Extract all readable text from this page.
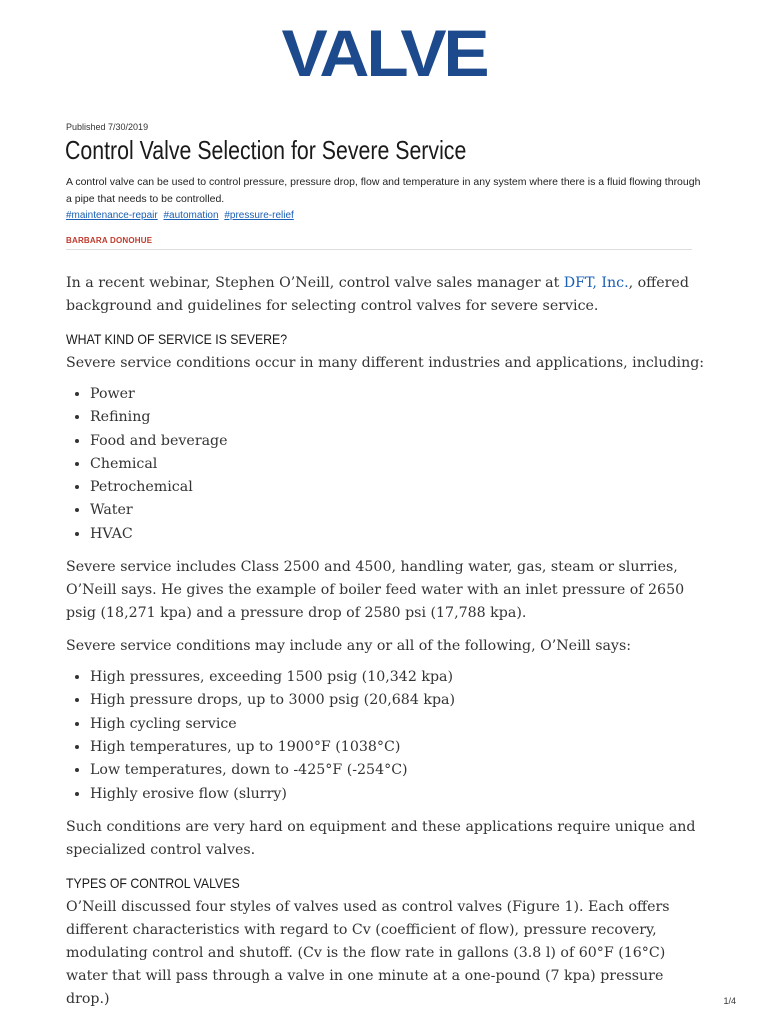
VALVE
Published 7/30/2019
Control Valve Selection for Severe Service

A control valve can be used to control pressure, pressure drop, flow and temperature in any system where there is a fluid flowing through a pipe that needs to be controlled.

#maintenance-repair #automation #pressure-relief
BARBARA DONOHUE

In a recent webinar, Stephen O’Neill, control valve sales manager at DFT, Inc., offered background and guidelines for selecting control valves for severe service.

WHAT KIND OF SERVICE IS SEVERE?

Severe service conditions occur in many different industries and applications, including:

• Power
• Refining
• Food and beverage
• Chemical
• Petrochemical
• Water
• HVAC

Severe service includes Class 2500 and 4500, handling water, gas, steam or slurries, O’Neill says. He gives the example of boiler feed water with an inlet pressure of 2650 psig (18,271 kpa) and a pressure drop of 2580 psi (17,788 kpa).

Severe service conditions may include any or all of the following, O’Neill says:

• High pressures, exceeding 1500 psig (10,342 kpa)
• High pressure drops, up to 3000 psig (20,684 kpa)
• High cycling service
• High temperatures, up to 1900°F (1038°C)
• Low temperatures, down to -425°F (-254°C)
• Highly erosive flow (slurry)

Such conditions are very hard on equipment and these applications require unique and specialized control valves.

TYPES OF CONTROL VALVES

O’Neill discussed four styles of valves used as control valves (Figure 1). Each offers different characteristics with regard to Cv (coefficient of flow), pressure recovery, modulating control and shutoff. (Cv is the flow rate in gallons (3.8 l) of 60°F (16°C) water that will pass through a valve in one minute at a one-pound (7 kpa) pressure drop.)	1/4
